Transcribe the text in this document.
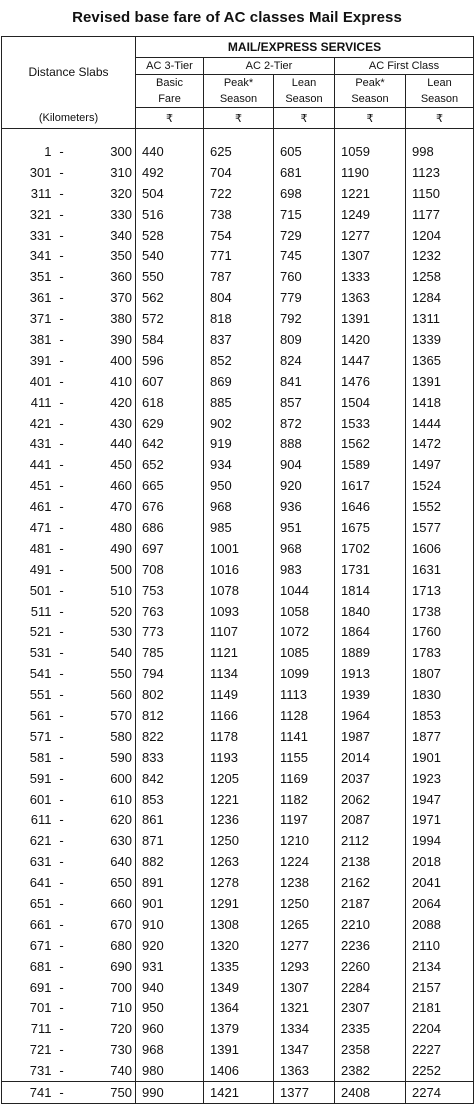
Revised base fare of AC classes Mail Express
Distance Slabs			MAIL/EXPRESS SERVICES				
			AC 3-Tier	AC 2-Tier		AC First Class	
			Basic	Peak*	Lean	Peak*	Lean
			Fare	Season	Season	Season	Season
(Kilometers)			₹	₹	₹	₹	₹

1	-	300	440	625	605	1059	998
301	-	310	492	704	681	1190	1123
311	-	320	504	722	698	1221	1150
321	-	330	516	738	715	1249	1177
331	-	340	528	754	729	1277	1204
341	-	350	540	771	745	1307	1232
351	-	360	550	787	760	1333	1258
361	-	370	562	804	779	1363	1284
371	-	380	572	818	792	1391	1311
381	-	390	584	837	809	1420	1339
391	-	400	596	852	824	1447	1365
401	-	410	607	869	841	1476	1391
411	-	420	618	885	857	1504	1418
421	-	430	629	902	872	1533	1444
431	-	440	642	919	888	1562	1472
441	-	450	652	934	904	1589	1497
451	-	460	665	950	920	1617	1524
461	-	470	676	968	936	1646	1552
471	-	480	686	985	951	1675	1577
481	-	490	697	1001	968	1702	1606
491	-	500	708	1016	983	1731	1631
501	-	510	753	1078	1044	1814	1713
511	-	520	763	1093	1058	1840	1738
521	-	530	773	1107	1072	1864	1760
531	-	540	785	1121	1085	1889	1783
541	-	550	794	1134	1099	1913	1807
551	-	560	802	1149	1113	1939	1830
561	-	570	812	1166	1128	1964	1853
571	-	580	822	1178	1141	1987	1877
581	-	590	833	1193	1155	2014	1901
591	-	600	842	1205	1169	2037	1923
601	-	610	853	1221	1182	2062	1947
611	-	620	861	1236	1197	2087	1971
621	-	630	871	1250	1210	2112	1994
631	-	640	882	1263	1224	2138	2018
641	-	650	891	1278	1238	2162	2041
651	-	660	901	1291	1250	2187	2064
661	-	670	910	1308	1265	2210	2088
671	-	680	920	1320	1277	2236	2110
681	-	690	931	1335	1293	2260	2134
691	-	700	940	1349	1307	2284	2157
701	-	710	950	1364	1321	2307	2181
711	-	720	960	1379	1334	2335	2204
721	-	730	968	1391	1347	2358	2227
731	-	740	980	1406	1363	2382	2252
741	-	750	990	1421	1377	2408	2274
